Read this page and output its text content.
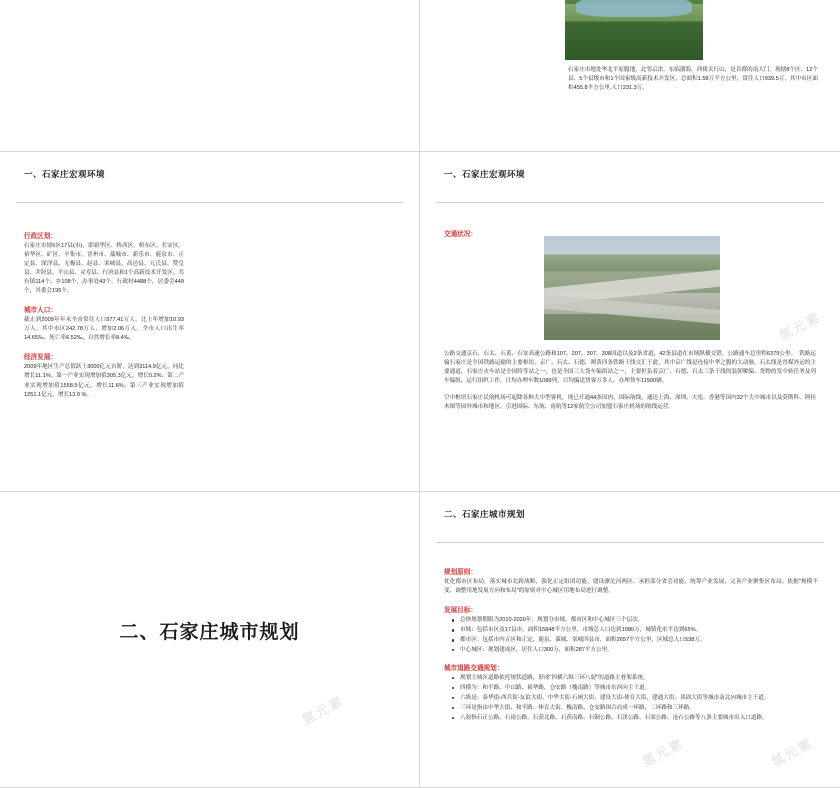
石家庄市地处华北平原腹地，北邻京津，东临渤海，西倚太行山，是首都的南大门。现辖8个区、12个县、5个县级市和1个国家级高新技术开发区，总面积1.58万平方公里，常住人口939.5万，其中市区面积455.8平方公里,人口231.3万。

一、石家庄宏观环境

行政区划：

石家庄市辖6区17县(市)，即新华区、桥西区、桥东区、长安区、裕华区、矿区、辛集市、晋州市、藁城市、新乐市、鹿泉市、正定县、深泽县、无极县、赵县、栾城县、高邑县、元氏县、赞皇县、井陉县、平山县、灵寿县、行唐县和1个高新技术开发区。共有镇114个、乡108个、办事处43个、行政村4488个，居委会449个，其委会195个。

城市人口：

截止到2009年年末全市常住人口977.41万人，比上年增加10.93万人，其中市区242.78万人，增加2.06万人。全市人口出生率14.65‰、死亡率6.52‰，自然增长率8.4‰。

经济发展：

2009年地区生产总值跃上3000亿元台阶，达到3114.9亿元，同比增长11.1%。第一产业实现增加值305.3亿元，增长0.2%；第二产业实现增加值1558.5亿元，增长11.6%；第三产业实现增加值1251.1亿元，增长13.0 %。

一、石家庄宏观环境
交通状况：

公路交通京石、石太、石黄、石安高速公路和107、207、307、308国道以及2条省道，42条县道在市域纵横交错。公路通车总里程6379公里。　铁路运输石家庄是全国铁路运输的主要枢纽，京广、石太、石德，朔黄四条铁路干线交汇于此，其中京广线是连接中华之腹的大动脉，石太线是晋煤外运的主要通道，石家庄火车站是全国特等站之一，也是全国三大货车编组站之一，主要担负着京广、石德、石太三条干线的装卸解编、货物的发中转任务及列车编组，运行组织工作，日均办理车数1089列，日均编送货客万多人，办理货车11500辆。

空中枢纽石家庄民航机场可起降各种大中型客机，现已开通44条国内、国际航线，通达上海、深圳、大连、香港等国内32个大中城市以及莫斯科、阿拉木图等国外城市和地区，引进国际、东航、南航等12家航空公司加盟石家庄机场的航线运营。

二、石家庄城市规划
二、石家庄城市规划

规划原则：

优化都市区布局，落实城市北跨战略，强化正定组团功能，建设滹沱河两区、承担部分省会功能，统筹产业发展，完善产业聚集区布局；依据"规模不变、调整用地发展方向和布局"的原则对中心城区用地布局进行调整。

发展目标：

总体规划期限为2010-2020年，规划分市域、都市区和中心城区三个层次。
市域：包括市区及17县市，面积15848平方公里，市域总人口达到1080万，城镇化水平达到65%。
都市区：包括市内五区和正定、鹿泉、藁城、栾城四县市，面积2657平方公里，区域总人口538万。
中心城区：规划建成区，居住人口300万，面积287平方公里。

城市道路交通规划：

规划主城区道路依托规状道路，形成"四横六纵三环八射"的道路主骨架系统。
四横为：和平路、中山路、裕华路、仓安路（槐南路）等城市东西向主干道。
六纵是：泰华街-西兵街-友谊大街，中华大街-石闸大街，建设大街-体育大街，建通大街，谈固大街等城市南北向城市主干道。
三环是指由中华大街、和平路、体育大街、槐南路、仓安路围合而成一环路，二环路和三环路。
八射指石正公路、石岗公路、石获北路、石获南路、石铜公路、石津公路、石栾公路、沧石公路等八条主要城市出入口道路。
